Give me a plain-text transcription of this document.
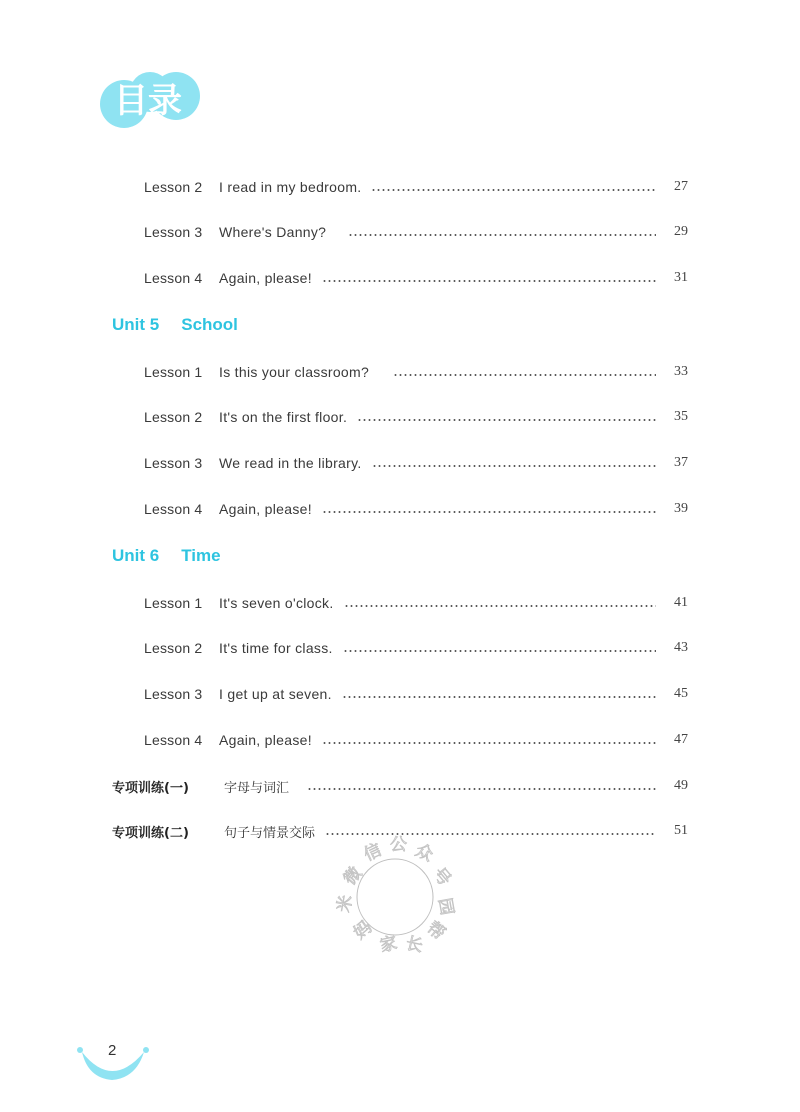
目录
Lesson 2	I read in my bedroom.	27
Lesson 3	Where's Danny?	29
Lesson 4	Again, please!	31
Unit 5 School
Lesson 1	Is this your classroom?	33
Lesson 2	It's on the first floor.	35
Lesson 3	We read in the library.	37
Lesson 4	Again, please!	39
Unit 6 Time
Lesson 1	It's seven o'clock.	41
Lesson 2	It's time for class.	43
Lesson 3	I get up at seven.	45
Lesson 4	Again, please!	47
专项训练(一)	字母与词汇	49
专项训练(二)	句子与情景交际	51
微
信 公 众
号
园
米
妈
家 长
帮
2
